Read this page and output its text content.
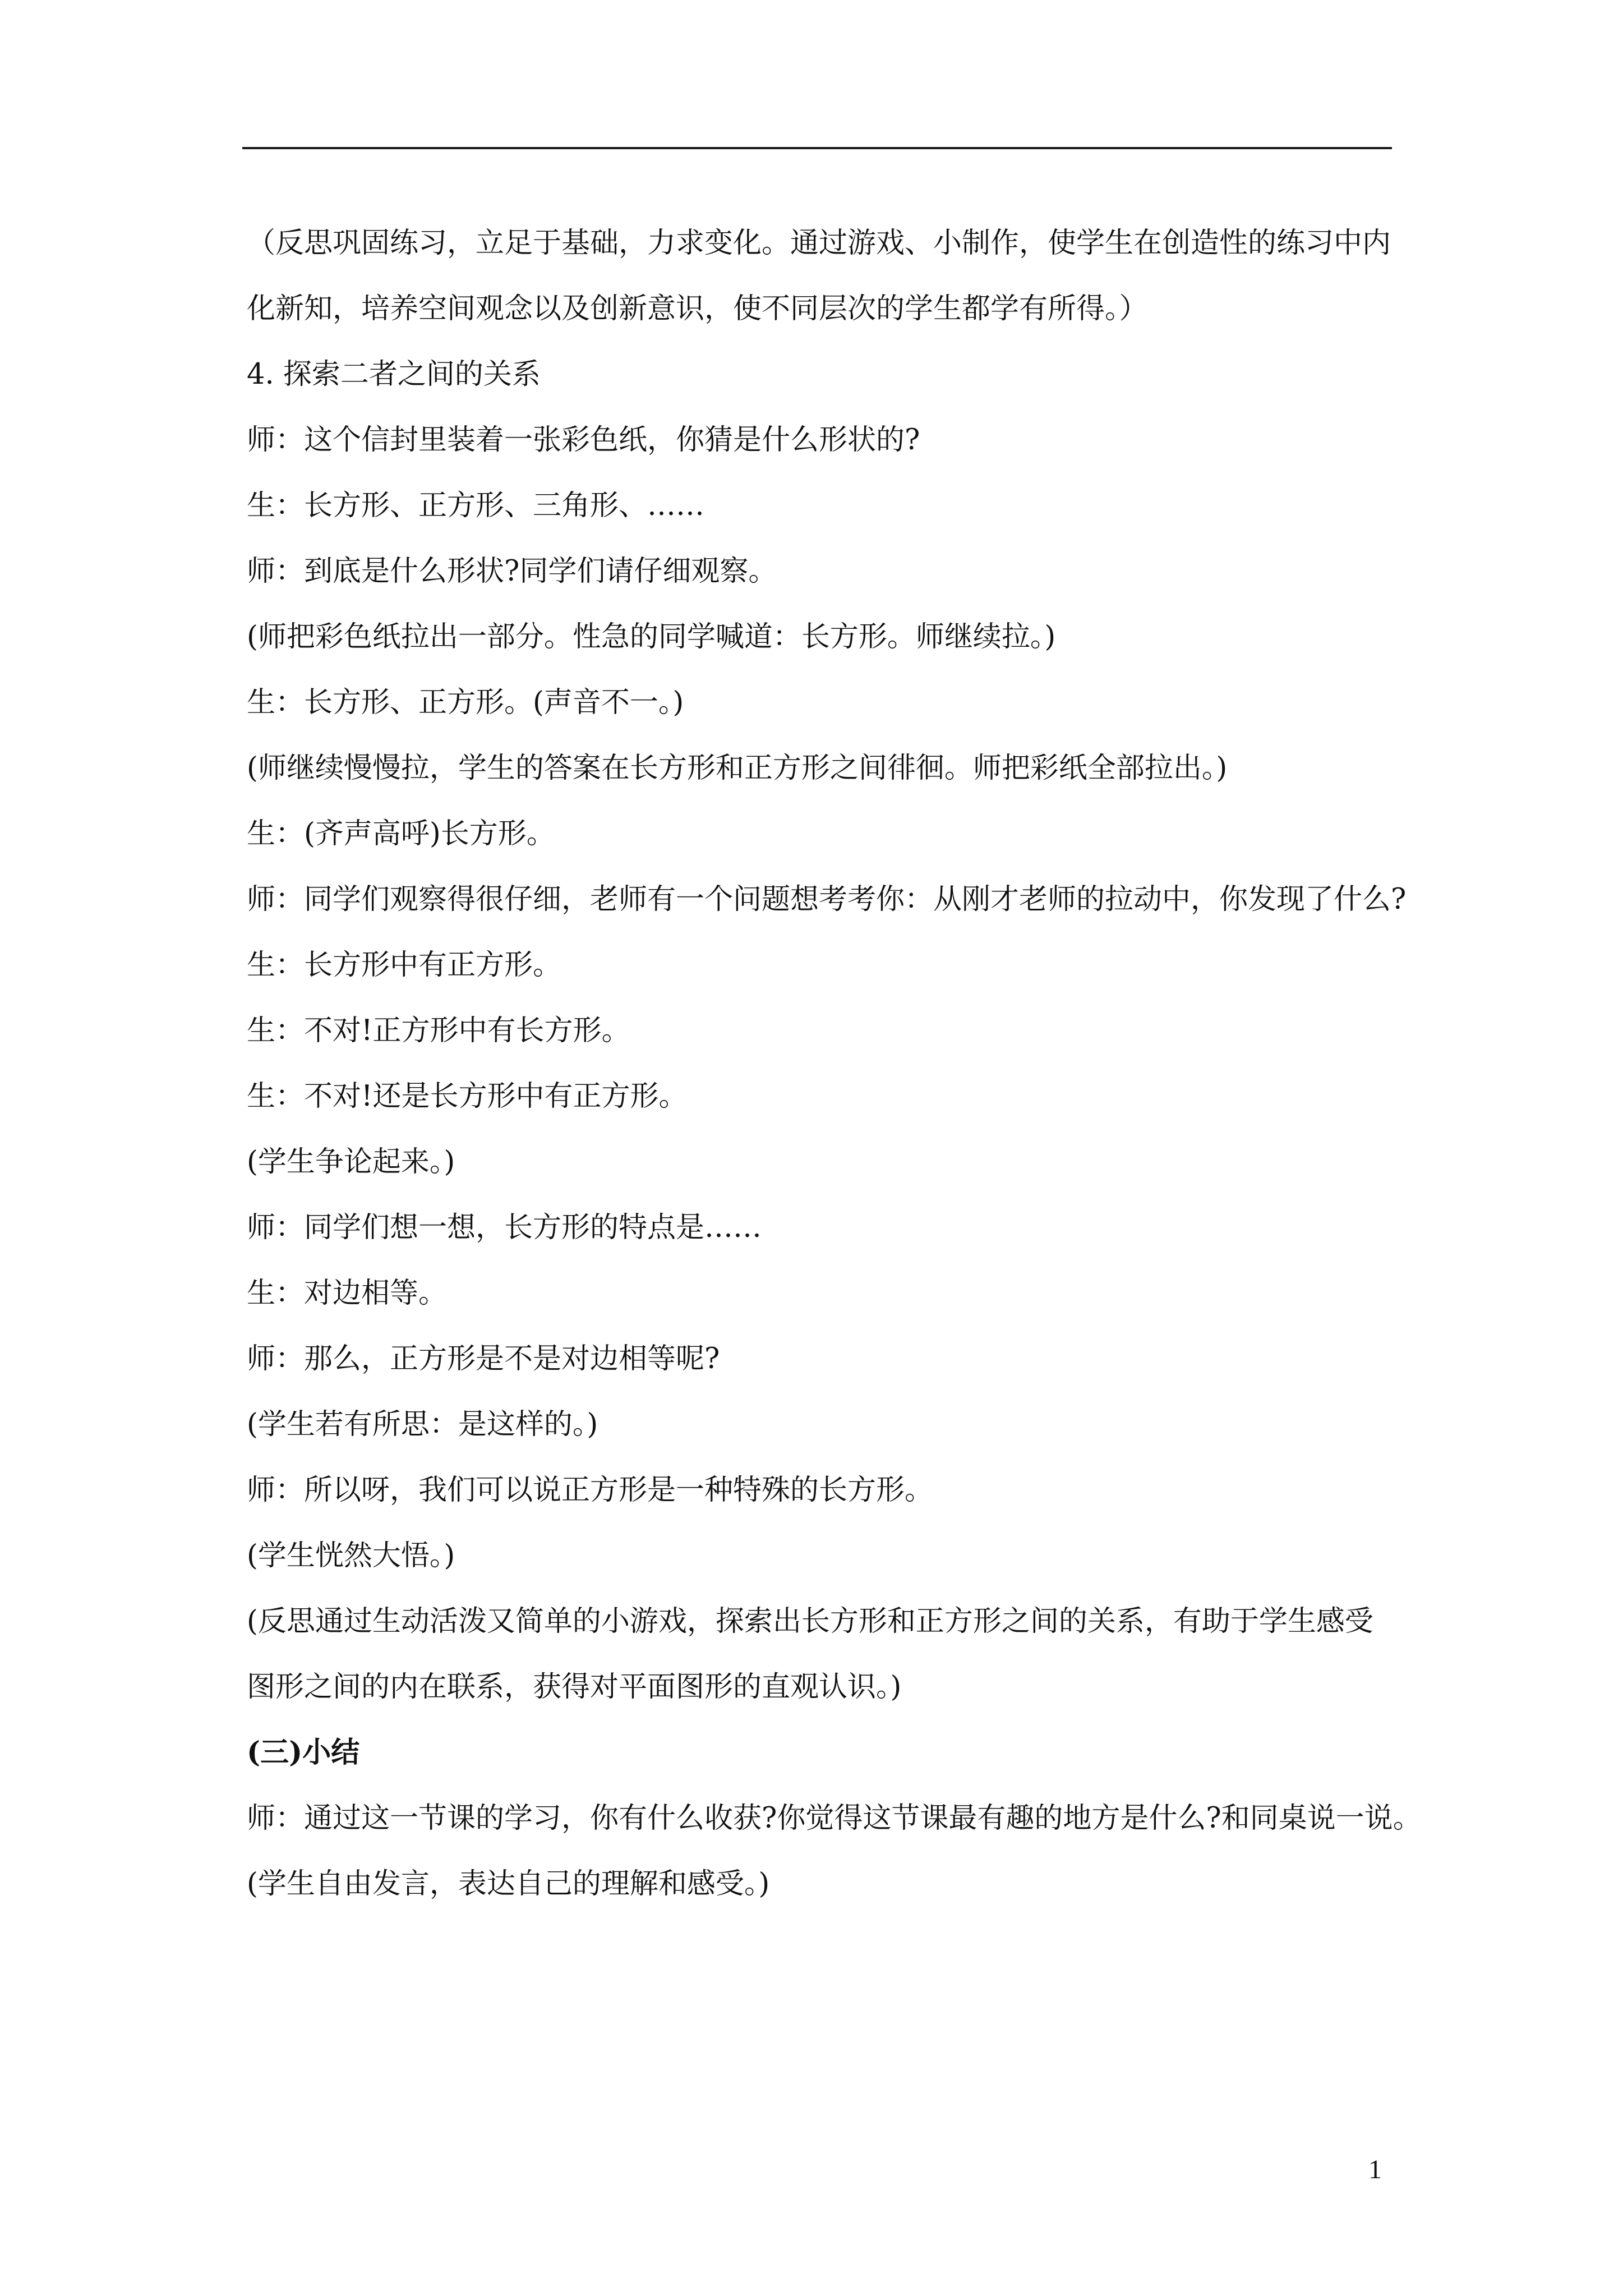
（反思巩固练习，立足于基础，力求变化。通过游戏、小制作，使学生在创造性的练习中内化新知，培养空间观念以及创新意识，使不同层次的学生都学有所得。）

4. 探索二者之间的关系

师：这个信封里装着一张彩色纸，你猜是什么形状的?

生：长方形、正方形、三角形、……

师：到底是什么形状?同学们请仔细观察。

(师把彩色纸拉出一部分。性急的同学喊道：长方形。师继续拉。)

生：长方形、正方形。(声音不一。)

(师继续慢慢拉，学生的答案在长方形和正方形之间徘徊。师把彩纸全部拉出。)

生：(齐声高呼)长方形。

师：同学们观察得很仔细，老师有一个问题想考考你：从刚才老师的拉动中，你发现了什么?

生：长方形中有正方形。

生：不对!正方形中有长方形。

生：不对!还是长方形中有正方形。

(学生争论起来。)

师：同学们想一想，长方形的特点是……

生：对边相等。

师：那么，正方形是不是对边相等呢?

(学生若有所思：是这样的。)

师：所以呀，我们可以说正方形是一种特殊的长方形。

(学生恍然大悟。)

(反思通过生动活泼又简单的小游戏，探索出长方形和正方形之间的关系，有助于学生感受图形之间的内在联系，获得对平面图形的直观认识。)

(三)小结

师：通过这一节课的学习，你有什么收获?你觉得这节课最有趣的地方是什么?和同桌说一说。

(学生自由发言，表达自己的理解和感受。)

1
